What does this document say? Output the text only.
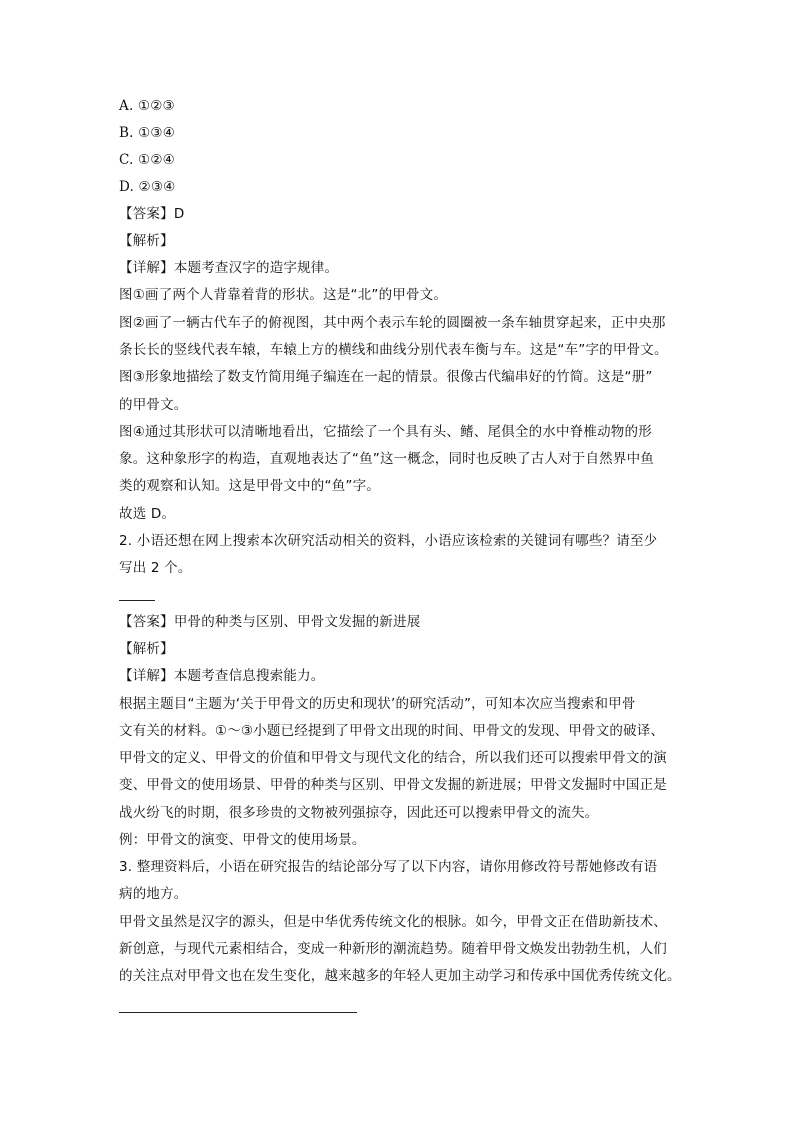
A. ①②③
B. ①③④
C. ①②④
D. ②③④
【答案】D
【解析】
【详解】本题考查汉字的造字规律。
图①画了两个人背靠着背的形状。这是“北”的甲骨文。
图②画了一辆古代车子的俯视图，其中两个表示车轮的圆圈被一条车轴贯穿起来，正中央那
条长长的竖线代表车辕，车辕上方的横线和曲线分别代表车衡与车。这是“车”字的甲骨文。
图③形象地描绘了数支竹简用绳子编连在一起的情景。很像古代编串好的竹简。这是“册”
的甲骨文。
图④通过其形状可以清晰地看出，它描绘了一个具有头、鳍、尾俱全的水中脊椎动物的形
象。这种象形字的构造，直观地表达了“鱼”这一概念，同时也反映了古人对于自然界中鱼
类的观察和认知。这是甲骨文中的“鱼”字。
故选 D。
2. 小语还想在网上搜索本次研究活动相关的资料，小语应该检索的关键词有哪些？请至少
写出 2 个。
【答案】甲骨的种类与区别、甲骨文发掘的新进展
【解析】
【详解】本题考查信息搜索能力。
根据主题目“主题为‘关于甲骨文的历史和现状’的研究活动”，可知本次应当搜索和甲骨
文有关的材料。①～③小题已经提到了甲骨文出现的时间、甲骨文的发现、甲骨文的破译、
甲骨文的定义、甲骨文的价值和甲骨文与现代文化的结合，所以我们还可以搜索甲骨文的演
变、甲骨文的使用场景、甲骨的种类与区别、甲骨文发掘的新进展；甲骨文发掘时中国正是
战火纷飞的时期，很多珍贵的文物被列强掠夺，因此还可以搜索甲骨文的流失。
例：甲骨文的演变、甲骨文的使用场景。
3. 整理资料后，小语在研究报告的结论部分写了以下内容，请你用修改符号帮她修改有语
病的地方。
甲骨文虽然是汉字的源头，但是中华优秀传统文化的根脉。如今，甲骨文正在借助新技术、
新创意，与现代元素相结合，变成一种新形的潮流趋势。随着甲骨文焕发出勃勃生机，人们
的关注点对甲骨文也在发生变化，越来越多的年轻人更加主动学习和传承中国优秀传统文化。
